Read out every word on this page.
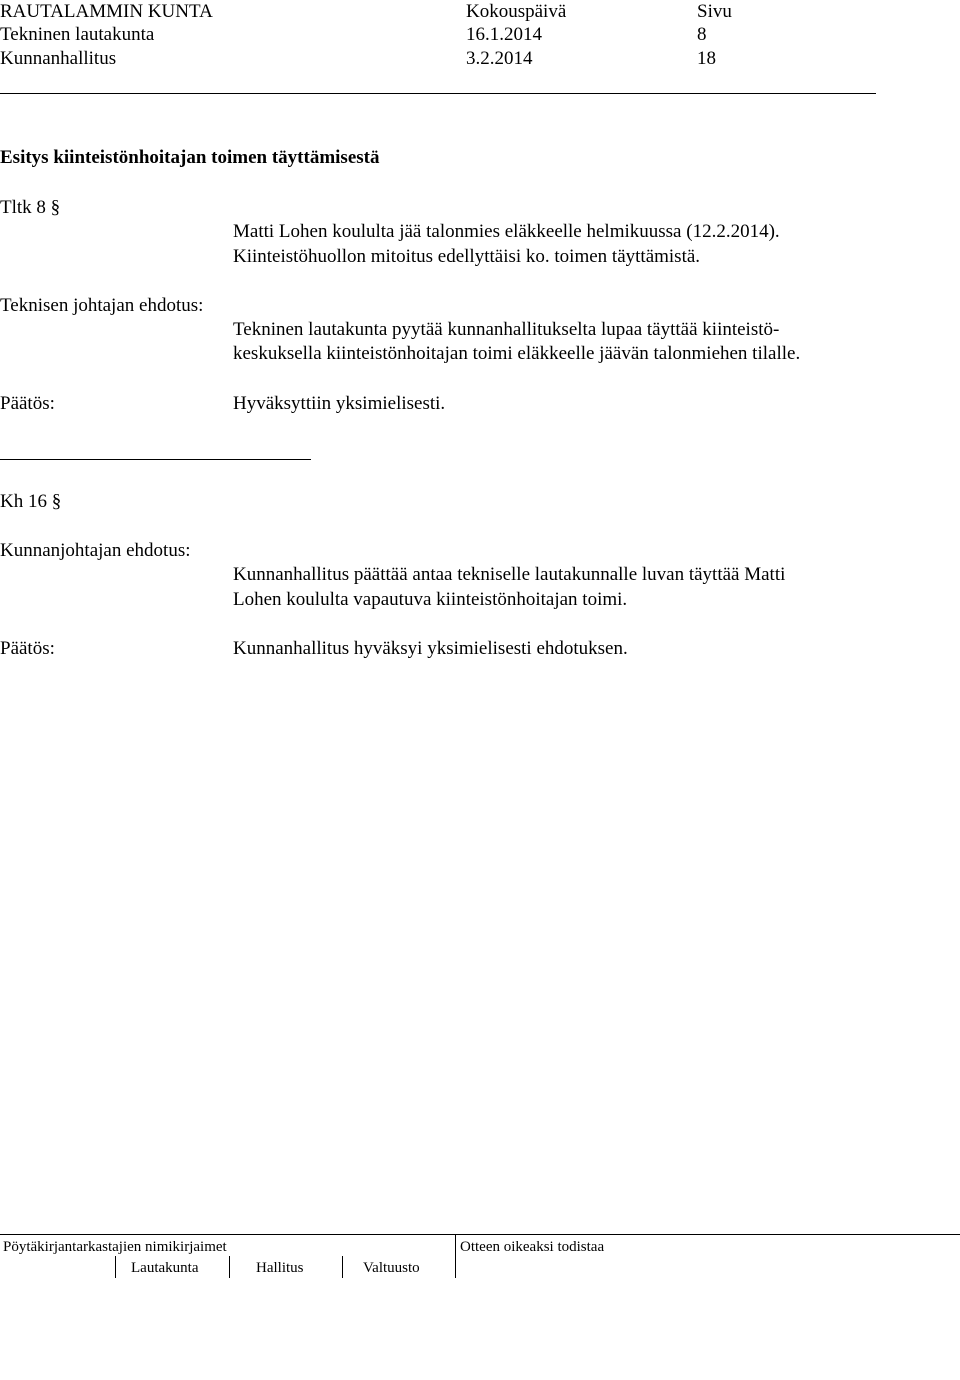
RAUTALAMMIN KUNTA	Kokouspäivä	Sivu
Tekninen lautakunta	16.1.2014	8
Kunnanhallitus	3.2.2014	18
Esitys kiinteistönhoitajan toimen täyttämisestä
Tltk 8 §
Matti Lohen koululta jää talonmies eläkkeelle helmikuussa (12.2.2014).
Kiinteistöhuollon mitoitus edellyttäisi ko. toimen täyttämistä.
Teknisen johtajan ehdotus:
Tekninen lautakunta pyytää kunnanhallitukselta lupaa täyttää kiinteistö-
keskuksella kiinteistönhoitajan toimi eläkkeelle jäävän talonmiehen tilalle.
Päätös:	Hyväksyttiin yksimielisesti.
Kh 16 §
Kunnanjohtajan ehdotus:
Kunnanhallitus päättää antaa tekniselle lautakunnalle luvan täyttää Matti
Lohen koululta vapautuva kiinteistönhoitajan toimi.
Päätös:	Kunnanhallitus hyväksyi yksimielisesti ehdotuksen.
Pöytäkirjantarkastajien nimikirjaimet	Otteen oikeaksi todistaa
Lautakunta	Hallitus	Valtuusto
